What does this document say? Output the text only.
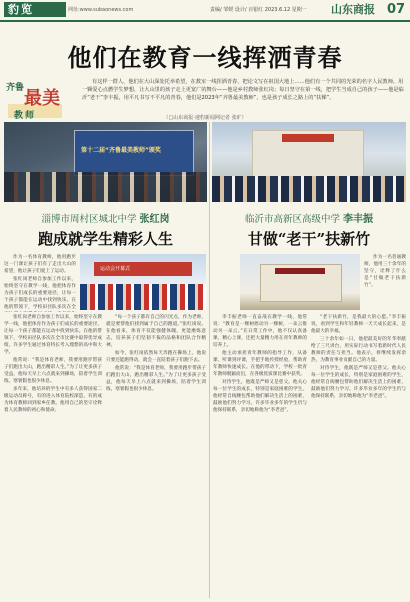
豹览	网址:www.subaonews.com	责编/ 邹媛 设计/ 百银红 2023.6.12 星期一 山东商报 07
他们在教育一线挥洒青春
齐鲁 最美
教师
有这样一群人，他们在大山深处托举希望，在教室一线挥洒青春，把论文写在祖国大地上……他们有一个共同的光荣的名字人民教师。用一颗爱心点燃学生梦想，让大山里的孩子走上更宽广的舞台——他是乡村教师张红岗；每日坚守在第一线，把学生当成自己的孩子——他是临沂“老干”李丰振，用平凡书写不平凡的青春，他们是2023年“齐鲁最美教师”，也是孩子成长之路上的“扶梯”。
（□山东商报·速豹新闻网记者 张旷）
第十二届“齐鲁最美教师”颁奖
淄博市周村区城北中学 张红岗
跑成就学生精彩人生
运动会开幕式

作为一名体育教师，他用跑步这一门课让孩子们有了走出大山的希望，他让孩子们爱上了运动。

张红岗老师自参加工作以来，始终坚守在教学一线，他把体育作为孩子们成长的重要途径，让每一个孩子都能在运动中找到快乐。在他的带领下，学校田径队多次在全

张红岗老师自参加工作以来，始终坚守在教学一线，他把体育作为孩子们成长的重要途径，让每一个孩子都能在运动中找到快乐。在他的带领下，学校田径队多次在全市比赛中取得优异成绩，许多学生通过体育特长考入理想的高中和大学。

他常说：“我是体育老师，我要用跑步带孩子们跑出大山，跑出精彩人生。”为了让更多孩子受益，他每天早上六点就来到操场，陪着学生训练，寒暑假也很少休息。

多年来，他培养的学生中有多人获得国家二级运动员称号，有的进入体育院校深造，有的成为体育教师回到家乡任教。他用自己的坚守诠释着人民教师的初心和使命。

“每一个孩子都有自己的闪光点，作为老师，就是要帮他们找到属于自己的跑道。”张红岗说。在他看来，体育不仅能强健体魄，更能磨炼意志，培养孩子们坚韧不拔的品格和团队合作精神。

如今，张红岗依然每天奔跑在操场上，他说只要还能跑得动，就会一直陪着孩子们跑下去。

他常说：“我是体育老师，我要用跑步带孩子们跑出大山，跑出精彩人生。”为了让更多孩子受益，他每天早上六点就来到操场，陪着学生训练，寒暑假也很少休息。

临沂市高新区高级中学 李丰振
甘做“老干”扶新竹

作为一名普通教师，他用三十余年的坚守，诠释了什么是“甘做老干扶新竹”。

李丰振老师一直奋战在教学一线，他常说：“教育是一棵树摇动另一棵树，一朵云推动另一朵云。”在日常工作中，他不仅认真备课、精心上课，还把大量精力用在青年教师的培养上。

他主动承担青年教师的指导工作，从备课、听课到评课，手把手地传授经验，帮助青年教师快速成长。在他的带动下，学校一批青年教师脱颖而出，在各级优质课比赛中获奖。

对待学生，他既是严师又是慈父。他关心每一位学生的成长，特别是家庭困难的学生，他经常自掏腰包帮助他们解决生活上的困难，鼓励他们努力学习。许多毕业多年的学生仍与他保持联系，亲切地称他为“李老爸”。

“老干扶新竹，是我最大的心愿。”李丰振说，看到学生和年轻教师一天天成长起来，是他最大的幸福。

三十余年如一日，他把最美好的年华奉献给了三尺讲台，用实际行动书写着新时代人民教师的责任与担当。他表示，将继续发挥余热，为教育事业贡献自己的力量。

对待学生，他既是严师又是慈父。他关心每一位学生的成长，特别是家庭困难的学生，他经常自掏腰包帮助他们解决生活上的困难，鼓励他们努力学习。许多毕业多年的学生仍与他保持联系，亲切地称他为“李老爸”。
